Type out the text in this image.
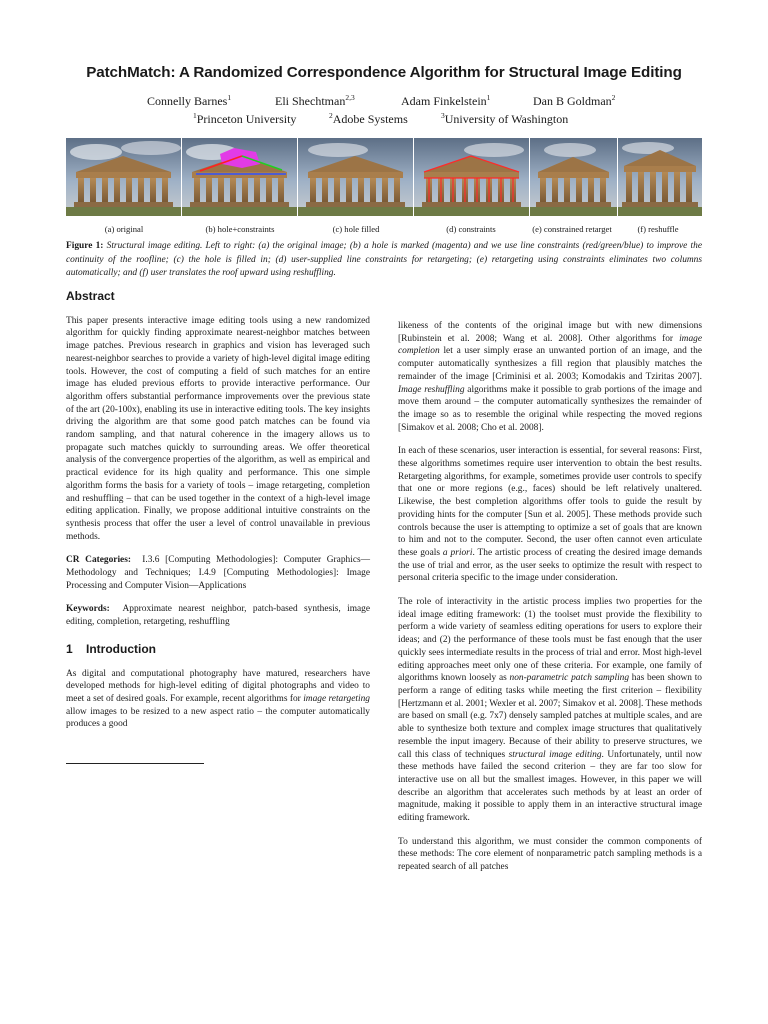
PatchMatch: A Randomized Correspondence Algorithm for Structural Image Editing
Connelly Barnes$^1$	Eli Shechtman$^{2,3}$	Adam Finkelstein$^1$	Dan B Goldman$^2$
$^1$Princeton University	$^2$Adobe Systems	$^3$University of Washington
(a) original	(b) hole+constraints	(c) hole filled	(d) constraints	(e) constrained retarget	(f) reshuffle
Figure 1: Structural image editing. Left to right: (a) the original image; (b) a hole is marked (magenta) and we use line constraints (red/green/blue) to improve the continuity of the roofline; (c) the hole is filled in; (d) user-supplied line constraints for retargeting; (e) retargeting using constraints eliminates two columns automatically; and (f) user translates the roof upward using reshuffling.
Abstract

This paper presents interactive image editing tools using a new randomized algorithm for quickly finding approximate nearest-neighbor matches between image patches. Previous research in graphics and vision has leveraged such nearest-neighbor searches to provide a variety of high-level digital image editing tools. However, the cost of computing a field of such matches for an entire image has eluded previous efforts to provide interactive performance. Our algorithm offers substantial performance improvements over the previous state of the art (20-100x), enabling its use in interactive editing tools. The key insights driving the algorithm are that some good patch matches can be found via random sampling, and that natural coherence in the imagery allows us to propagate such matches quickly to surrounding areas. We offer theoretical analysis of the convergence properties of the algorithm, as well as empirical and practical evidence for its high quality and performance. This one simple algorithm forms the basis for a variety of tools – image retargeting, completion and reshuffling – that can be used together in the context of a high-level image editing application. Finally, we propose additional intuitive constraints on the synthesis process that offer the user a level of control unavailable in previous methods.

CR Categories: I.3.6 [Computing Methodologies]: Computer Graphics—Methodology and Techniques; I.4.9 [Computing Methodologies]: Image Processing and Computer Vision—Applications

Keywords: Approximate nearest neighbor, patch-based synthesis, image editing, completion, retargeting, reshuffling

1 Introduction

As digital and computational photography have matured, researchers have developed methods for high-level editing of digital photographs and video to meet a set of desired goals. For example, recent algorithms for image retargeting allow images to be resized to a new aspect ratio – the computer automatically produces a good

likeness of the contents of the original image but with new dimensions [Rubinstein et al. 2008; Wang et al. 2008]. Other algorithms for image completion let a user simply erase an unwanted portion of an image, and the computer automatically synthesizes a fill region that plausibly matches the remainder of the image [Criminisi et al. 2003; Komodakis and Tziritas 2007]. Image reshuffling algorithms make it possible to grab portions of the image and move them around – the computer automatically synthesizes the remainder of the image so as to resemble the original while respecting the moved regions [Simakov et al. 2008; Cho et al. 2008].

In each of these scenarios, user interaction is essential, for several reasons: First, these algorithms sometimes require user intervention to obtain the best results. Retargeting algorithms, for example, sometimes provide user controls to specify that one or more regions (e.g., faces) should be left relatively unaltered. Likewise, the best completion algorithms offer tools to guide the result by providing hints for the computer [Sun et al. 2005]. These methods provide such controls because the user is attempting to optimize a set of goals that are known to him and not to the computer. Second, the user often cannot even articulate these goals a priori. The artistic process of creating the desired image demands the use of trial and error, as the user seeks to optimize the result with respect to personal criteria specific to the image under consideration.

The role of interactivity in the artistic process implies two properties for the ideal image editing framework: (1) the toolset must provide the flexibility to perform a wide variety of seamless editing operations for users to explore their ideas; and (2) the performance of these tools must be fast enough that the user quickly sees intermediate results in the process of trial and error. Most high-level editing approaches meet only one of these criteria. For example, one family of algorithms known loosely as non-parametric patch sampling has been shown to perform a range of editing tasks while meeting the first criterion – flexibility [Hertzmann et al. 2001; Wexler et al. 2007; Simakov et al. 2008]. These methods are based on small (e.g. 7x7) densely sampled patches at multiple scales, and are able to synthesize both texture and complex image structures that qualitatively resemble the input imagery. Because of their ability to preserve structures, we call this class of techniques structural image editing. Unfortunately, until now these methods have failed the second criterion – they are far too slow for interactive use on all but the smallest images. However, in this paper we will describe an algorithm that accelerates such methods by at least an order of magnitude, making it possible to apply them in an interactive structural image editing framework.

To understand this algorithm, we must consider the common components of these methods: The core element of nonparametric patch sampling methods is a repeated search of all patches
